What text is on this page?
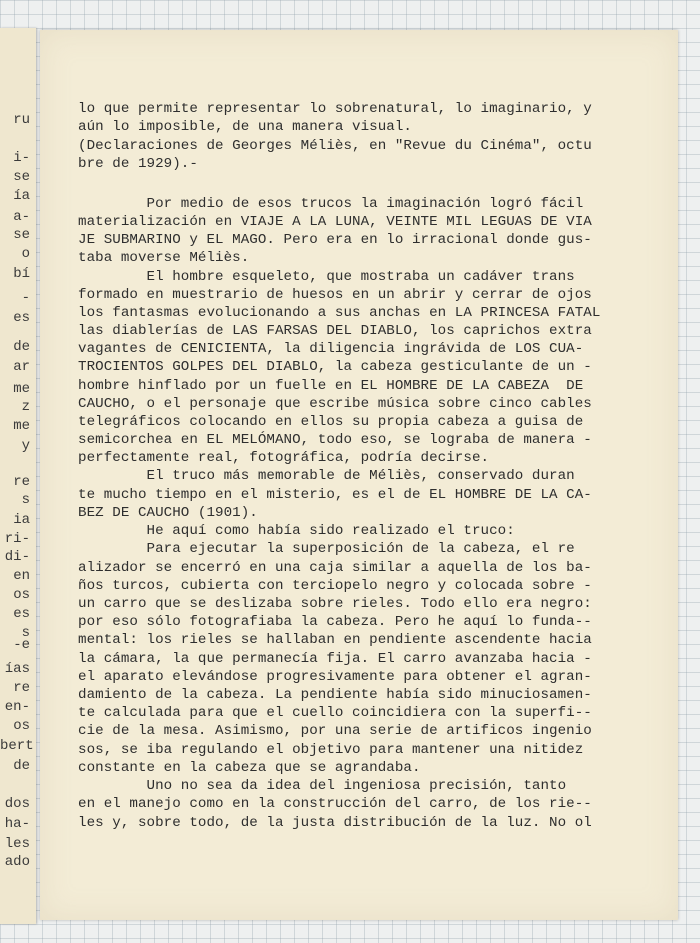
ru
i-
se
ía
a-
se
o
bí
-
es
de
ar
me
z
me
y
re
s
ia
ri-
di-
en
os
es
s
-e
ías
re
en-
os
bert
de
dos
ha-
les
ado
lo que permite representar lo sobrenatural, lo imaginario, y
aún lo imposible, de una manera visual.
(Declaraciones de Georges Méliès, en "Revue du Cinéma", octu
bre de 1929).-
Por medio de esos trucos la imaginación logró fácil
materialización en VIAJE A LA LUNA, VEINTE MIL LEGUAS DE VIA
JE SUBMARINO y EL MAGO. Pero era en lo irracional donde gus-
taba moverse Méliès.
El hombre esqueleto, que mostraba un cadáver trans
formado en muestrario de huesos en un abrir y cerrar de ojos
los fantasmas evolucionando a sus anchas en LA PRINCESA FATAL
las diablerías de LAS FARSAS DEL DIABLO, los caprichos extra
vagantes de CENICIENTA, la diligencia ingrávida de LOS CUA-
TROCIENTOS GOLPES DEL DIABLO, la cabeza gesticulante de un -
hombre hinflado por un fuelle en EL HOMBRE DE LA CABEZA  DE
CAUCHO, o el personaje que escribe música sobre cinco cables
telegráficos colocando en ellos su propia cabeza a guisa de
semicorchea en EL MELÓMANO, todo eso, se lograba de manera -
perfectamente real, fotográfica, podría decirse.
El truco más memorable de Méliès, conservado duran
te mucho tiempo en el misterio, es el de EL HOMBRE DE LA CA-
BEZ DE CAUCHO (1901).
He aquí como había sido realizado el truco:
Para ejecutar la superposición de la cabeza, el re
alizador se encerró en una caja similar a aquella de los ba-
ños turcos, cubierta con terciopelo negro y colocada sobre -
un carro que se deslizaba sobre rieles. Todo ello era negro:
por eso sólo fotografiaba la cabeza. Pero he aquí lo funda--
mental: los rieles se hallaban en pendiente ascendente hacia
la cámara, la que permanecía fija. El carro avanzaba hacia -
el aparato elevándose progresivamente para obtener el agran-
damiento de la cabeza. La pendiente había sido minuciosamen-
te calculada para que el cuello coincidiera con la superfi--
cie de la mesa. Asimismo, por una serie de artificos ingenio
sos, se iba regulando el objetivo para mantener una nitidez
constante en la cabeza que se agrandaba.
Uno no sea da idea del ingeniosa precisión, tanto
en el manejo como en la construcción del carro, de los rie--
les y, sobre todo, de la justa distribución de la luz. No ol
